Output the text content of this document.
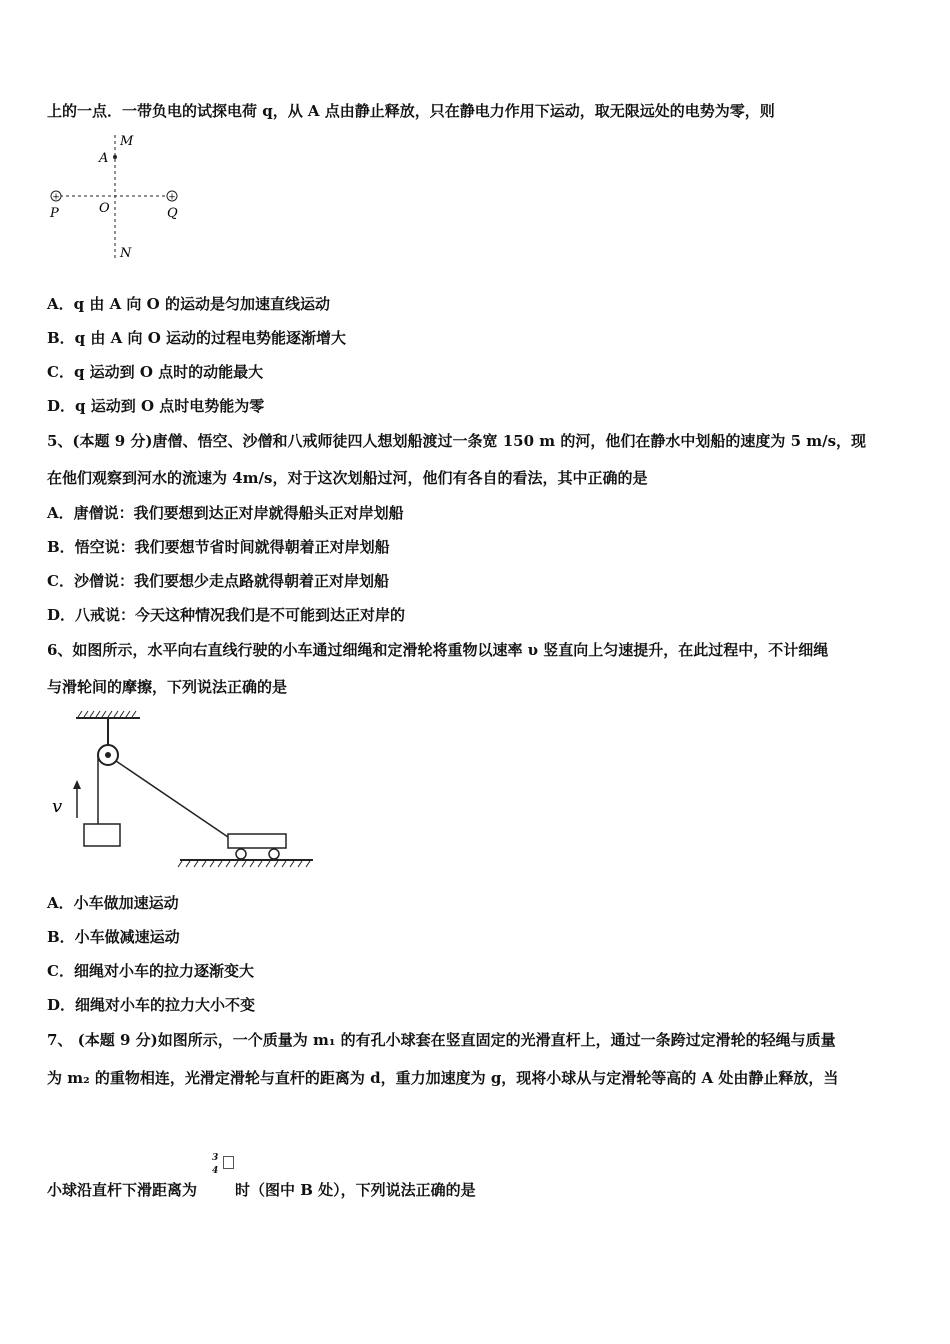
上的一点．一带负电的试探电荷 q，从 A 点由静止释放，只在静电力作用下运动，取无限远处的电势为零，则
+	+
M
A
O
P	Q
N
A．q 由 A 向 O 的运动是匀加速直线运动
B．q 由 A 向 O 运动的过程电势能逐渐增大
C．q 运动到 O 点时的动能最大
D．q 运动到 O 点时电势能为零
5、(本题 9 分)唐僧、悟空、沙僧和八戒师徒四人想划船渡过一条宽 150 m 的河，他们在静水中划船的速度为 5 m/s，现
在他们观察到河水的流速为 4m/s，对于这次划船过河，他们有各自的看法，其中正确的是
A．唐僧说：我们要想到达正对岸就得船头正对岸划船
B．悟空说：我们要想节省时间就得朝着正对岸划船
C．沙僧说：我们要想少走点路就得朝着正对岸划船
D．八戒说：今天这种情况我们是不可能到达正对岸的
6、如图所示，水平向右直线行驶的小车通过细绳和定滑轮将重物以速率 υ 竖直向上匀速提升，在此过程中，不计细绳
与滑轮间的摩擦，下列说法正确的是
v
A．小车做加速运动
B．小车做减速运动
C．细绳对小车的拉力逐渐变大
D．细绳对小车的拉力大小不变
7、 (本题 9 分)如图所示，一个质量为 m₁ 的有孔小球套在竖直固定的光滑直杆上，通过一条跨过定滑轮的轻绳与质量
为 m₂ 的重物相连，光滑定滑轮与直杆的距离为 d，重力加速度为 g，现将小球从与定滑轮等高的 A 处由静止释放，当
3
4
小球沿直杆下滑距离为	时（图中 B 处），下列说法正确的是
